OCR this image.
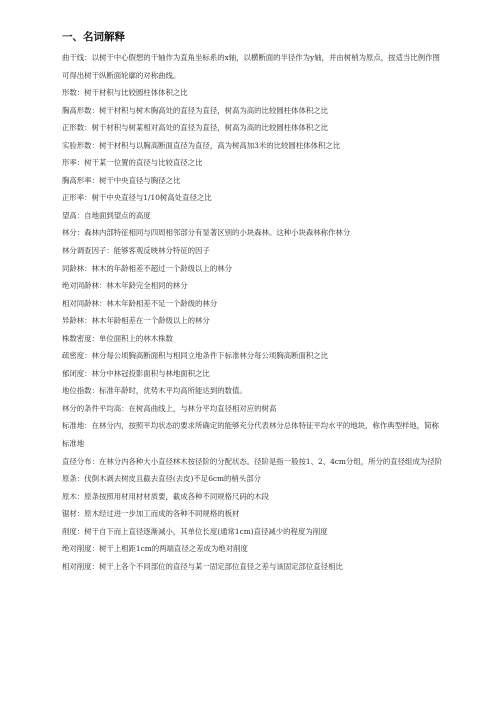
一、名词解释

曲干线：以树干中心假想的干轴作为直角坐标系的x轴，以横断面的半径作为y轴，并由树梢为原点，按适当比例作图可得出树干纵断面轮廓的对称曲线。

形数：树干材积与比较圆柱体体积之比

胸高形数：树干材积与树木胸高处的直径为直径，树高为高的比较圆柱体体积之比

正形数：树干材积与树某相对高处的直径为直径，树高为高的比较圆柱体体积之比

实验形数：树干材积与以胸高断面直径为直径，高为树高加3米的比较圆柱体体积之比

形率：树干某一位置的直径与比较直径之比

胸高形率：树干中央直径与胸径之比

正形率：树干中央直径与1/10树高处直径之比

望高：自地面到望点的高度

林分：森林内部特征相同与四周相邻部分有显著区别的小块森林。这种小块森林称作林分

林分调查因子：能够客观反映林分特征的因子

同龄林：林木的年龄相差不超过一个龄级以上的林分

绝对同龄林：林木年龄完全相同的林分

相对同龄林：林木年龄相差不足一个龄级的林分

异龄林：林木年龄相差在一个龄级以上的林分

株数密度：单位面积上的林木株数

疏密度：林分每公顷胸高断面积与相同立地条件下标准林分每公顷胸高断面积之比

郁闭度：林分中林冠投影面积与林地面积之比

地位指数：标准年龄时，优势木平均高所能达到的数值。

林分的条件平均高：在树高曲线上，与林分平均直径相对应的树高

标准地：在林分内，按照平均状态的要求所确定的能够充分代表林分总体特征平均水平的地块，称作典型样地，简称标准地

直径分布：在林分内各种大小直径林木按径阶的分配状态。径阶是指一般按1、2、4cm分组，所分的直径组成为径阶

原条：伐倒木剥去树皮且截去直径(去皮)不足6cm的梢头部分

原木：原条按照用材用材材质要，截成各种不同规格尺码的木段

锯材：原木经过进一步加工而成的各种不同规格的板材

削度：树干自下而上直径逐渐减小，其单位长度(通常1cm)直径减少的程度为削度

绝对削度：树干上相距1cm的两端直径之差成为绝对削度

相对削度：树干上各个不同部位的直径与某一固定部位直径之差与该固定部位直径相比
